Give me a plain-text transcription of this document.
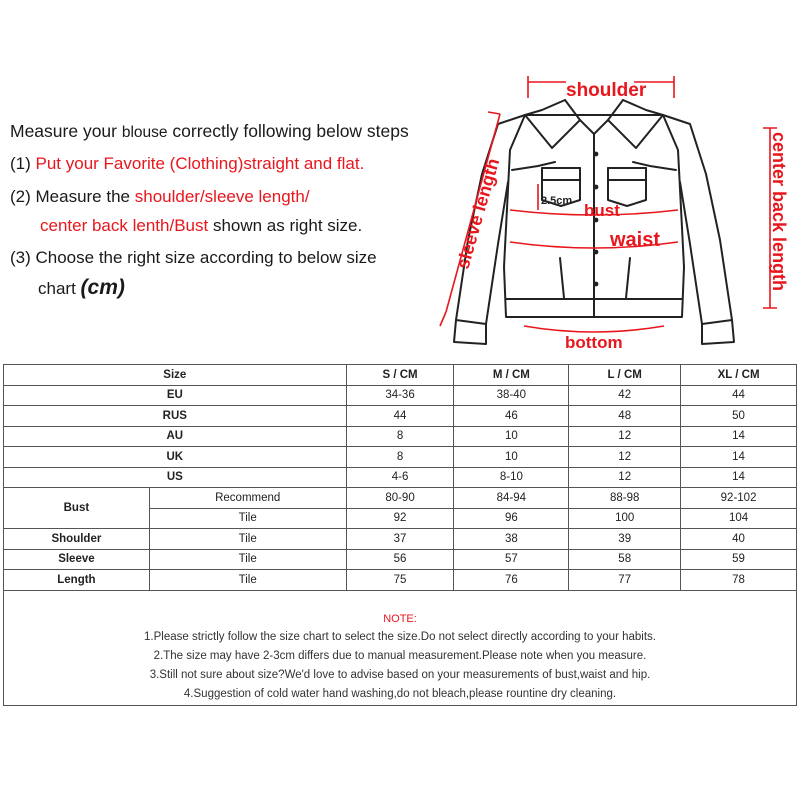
Measure your blouse correctly following below steps
(1) Put your Favorite (Clothing)straight and flat.
(2) Measure the shoulder/sleeve length/
center back lenth/Bust shown as right size.
(3) Choose the right size according to below size
chart (cm)
shoulder
center back length
sleeve length	2.5cm bust
waist
bottom
Size		S / CM	M / CM	L / CM	XL / CM
EU		34-36	38-40	42	44
RUS		44	46	48	50
AU		8	10	12	14
UK		8	10	12	14
US		4-6	8-10	12	14
Bust	Recommend	80-90	84-94	88-98	92-102
	Tile	92	96	100	104
Shoulder	Tile	37	38	39	40
Sleeve	Tile	56	57	58	59
Length	Tile	75	76	77	78
NOTE:
1.Please strictly follow the size chart to select the size.Do not select directly according to your habits.
2.The size may have 2-3cm differs due to manual measurement.Please note when you measure.
3.Still not sure about size?We'd love to advise based on your measurements of bust,waist and hip.
4.Suggestion of cold water hand washing,do not bleach,please rountine dry cleaning.
